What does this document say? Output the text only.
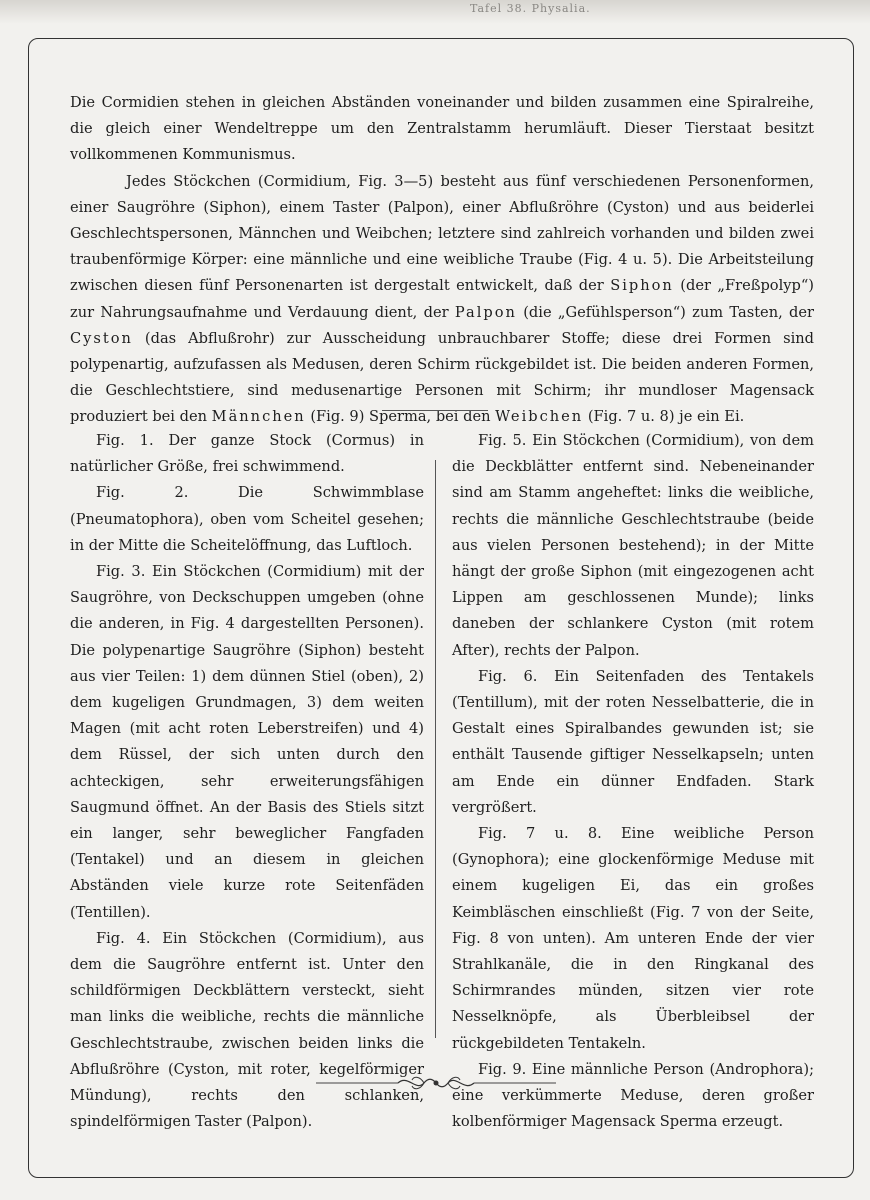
Tafel 38. Physalia.

Die Cormidien stehen in gleichen Abständen voneinander und bilden zusammen eine Spiralreihe, die gleich einer Wendeltreppe um den Zentralstamm herumläuft. Dieser Tierstaat besitzt vollkommenen Kommunismus.

Jedes Stöckchen (Cormidium, Fig. 3—5) besteht aus fünf verschiedenen Personenformen, einer Saugröhre (Siphon), einem Taster (Palpon), einer Abflußröhre (Cyston) und aus beiderlei Geschlechtspersonen, Männchen und Weibchen; letztere sind zahlreich vorhanden und bilden zwei traubenförmige Körper: eine männliche und eine weibliche Traube (Fig. 4 u. 5). Die Arbeitsteilung zwischen diesen fünf Personenarten ist dergestalt entwickelt, daß der Siphon (der „Freßpolyp“) zur Nahrungsaufnahme und Verdauung dient, der Palpon (die „Gefühlsperson“) zum Tasten, der Cyston (das Abflußrohr) zur Ausscheidung unbrauchbarer Stoffe; diese drei Formen sind polypenartig, aufzufassen als Medusen, deren Schirm rückgebildet ist. Die beiden anderen Formen, die Geschlechtstiere, sind medusenartige Personen mit Schirm; ihr mundloser Magensack produziert bei den Männchen (Fig. 9) Sperma, bei den Weibchen (Fig. 7 u. 8) je ein Ei.

Fig. 1. Der ganze Stock (Cormus) in natürlicher Größe, frei schwimmend.

Fig. 2. Die Schwimmblase (Pneumatophora), oben vom Scheitel gesehen; in der Mitte die Scheitelöffnung, das Luftloch.

Fig. 3. Ein Stöckchen (Cormidium) mit der Saugröhre, von Deckschuppen umgeben (ohne die anderen, in Fig. 4 dargestellten Personen). Die polypenartige Saugröhre (Siphon) besteht aus vier Teilen: 1) dem dünnen Stiel (oben), 2) dem kugeligen Grundmagen, 3) dem weiten Magen (mit acht roten Leberstreifen) und 4) dem Rüssel, der sich unten durch den achteckigen, sehr erweiterungsfähigen Saugmund öffnet. An der Basis des Stiels sitzt ein langer, sehr beweglicher Fangfaden (Tentakel) und an diesem in gleichen Abständen viele kurze rote Seitenfäden (Tentillen).

Fig. 4. Ein Stöckchen (Cormidium), aus dem die Saugröhre entfernt ist. Unter den schildförmigen Deckblättern versteckt, sieht man links die weibliche, rechts die männliche Geschlechtstraube, zwischen beiden links die Abflußröhre (Cyston, mit roter, kegelförmiger Mündung), rechts den schlanken, spindelförmigen Taster (Palpon).

Fig. 5. Ein Stöckchen (Cormidium), von dem die Deckblätter entfernt sind. Nebeneinander sind am Stamm angeheftet: links die weibliche, rechts die männliche Geschlechtstraube (beide aus vielen Personen bestehend); in der Mitte hängt der große Siphon (mit eingezogenen acht Lippen am geschlossenen Munde); links daneben der schlankere Cyston (mit rotem After), rechts der Palpon.

Fig. 6. Ein Seitenfaden des Tentakels (Tentillum), mit der roten Nesselbatterie, die in Gestalt eines Spiralbandes gewunden ist; sie enthält Tausende giftiger Nesselkapseln; unten am Ende ein dünner Endfaden. Stark vergrößert.

Fig. 7 u. 8. Eine weibliche Person (Gynophora); eine glockenförmige Meduse mit einem kugeligen Ei, das ein großes Keimbläschen einschließt (Fig. 7 von der Seite, Fig. 8 von unten). Am unteren Ende der vier Strahlkanäle, die in den Ringkanal des Schirmrandes münden, sitzen vier rote Nesselknöpfe, als Überbleibsel der rückgebildeten Tentakeln.

Fig. 9. Eine männliche Person (Androphora); eine verkümmerte Meduse, deren großer kolbenförmiger Magensack Sperma erzeugt.
